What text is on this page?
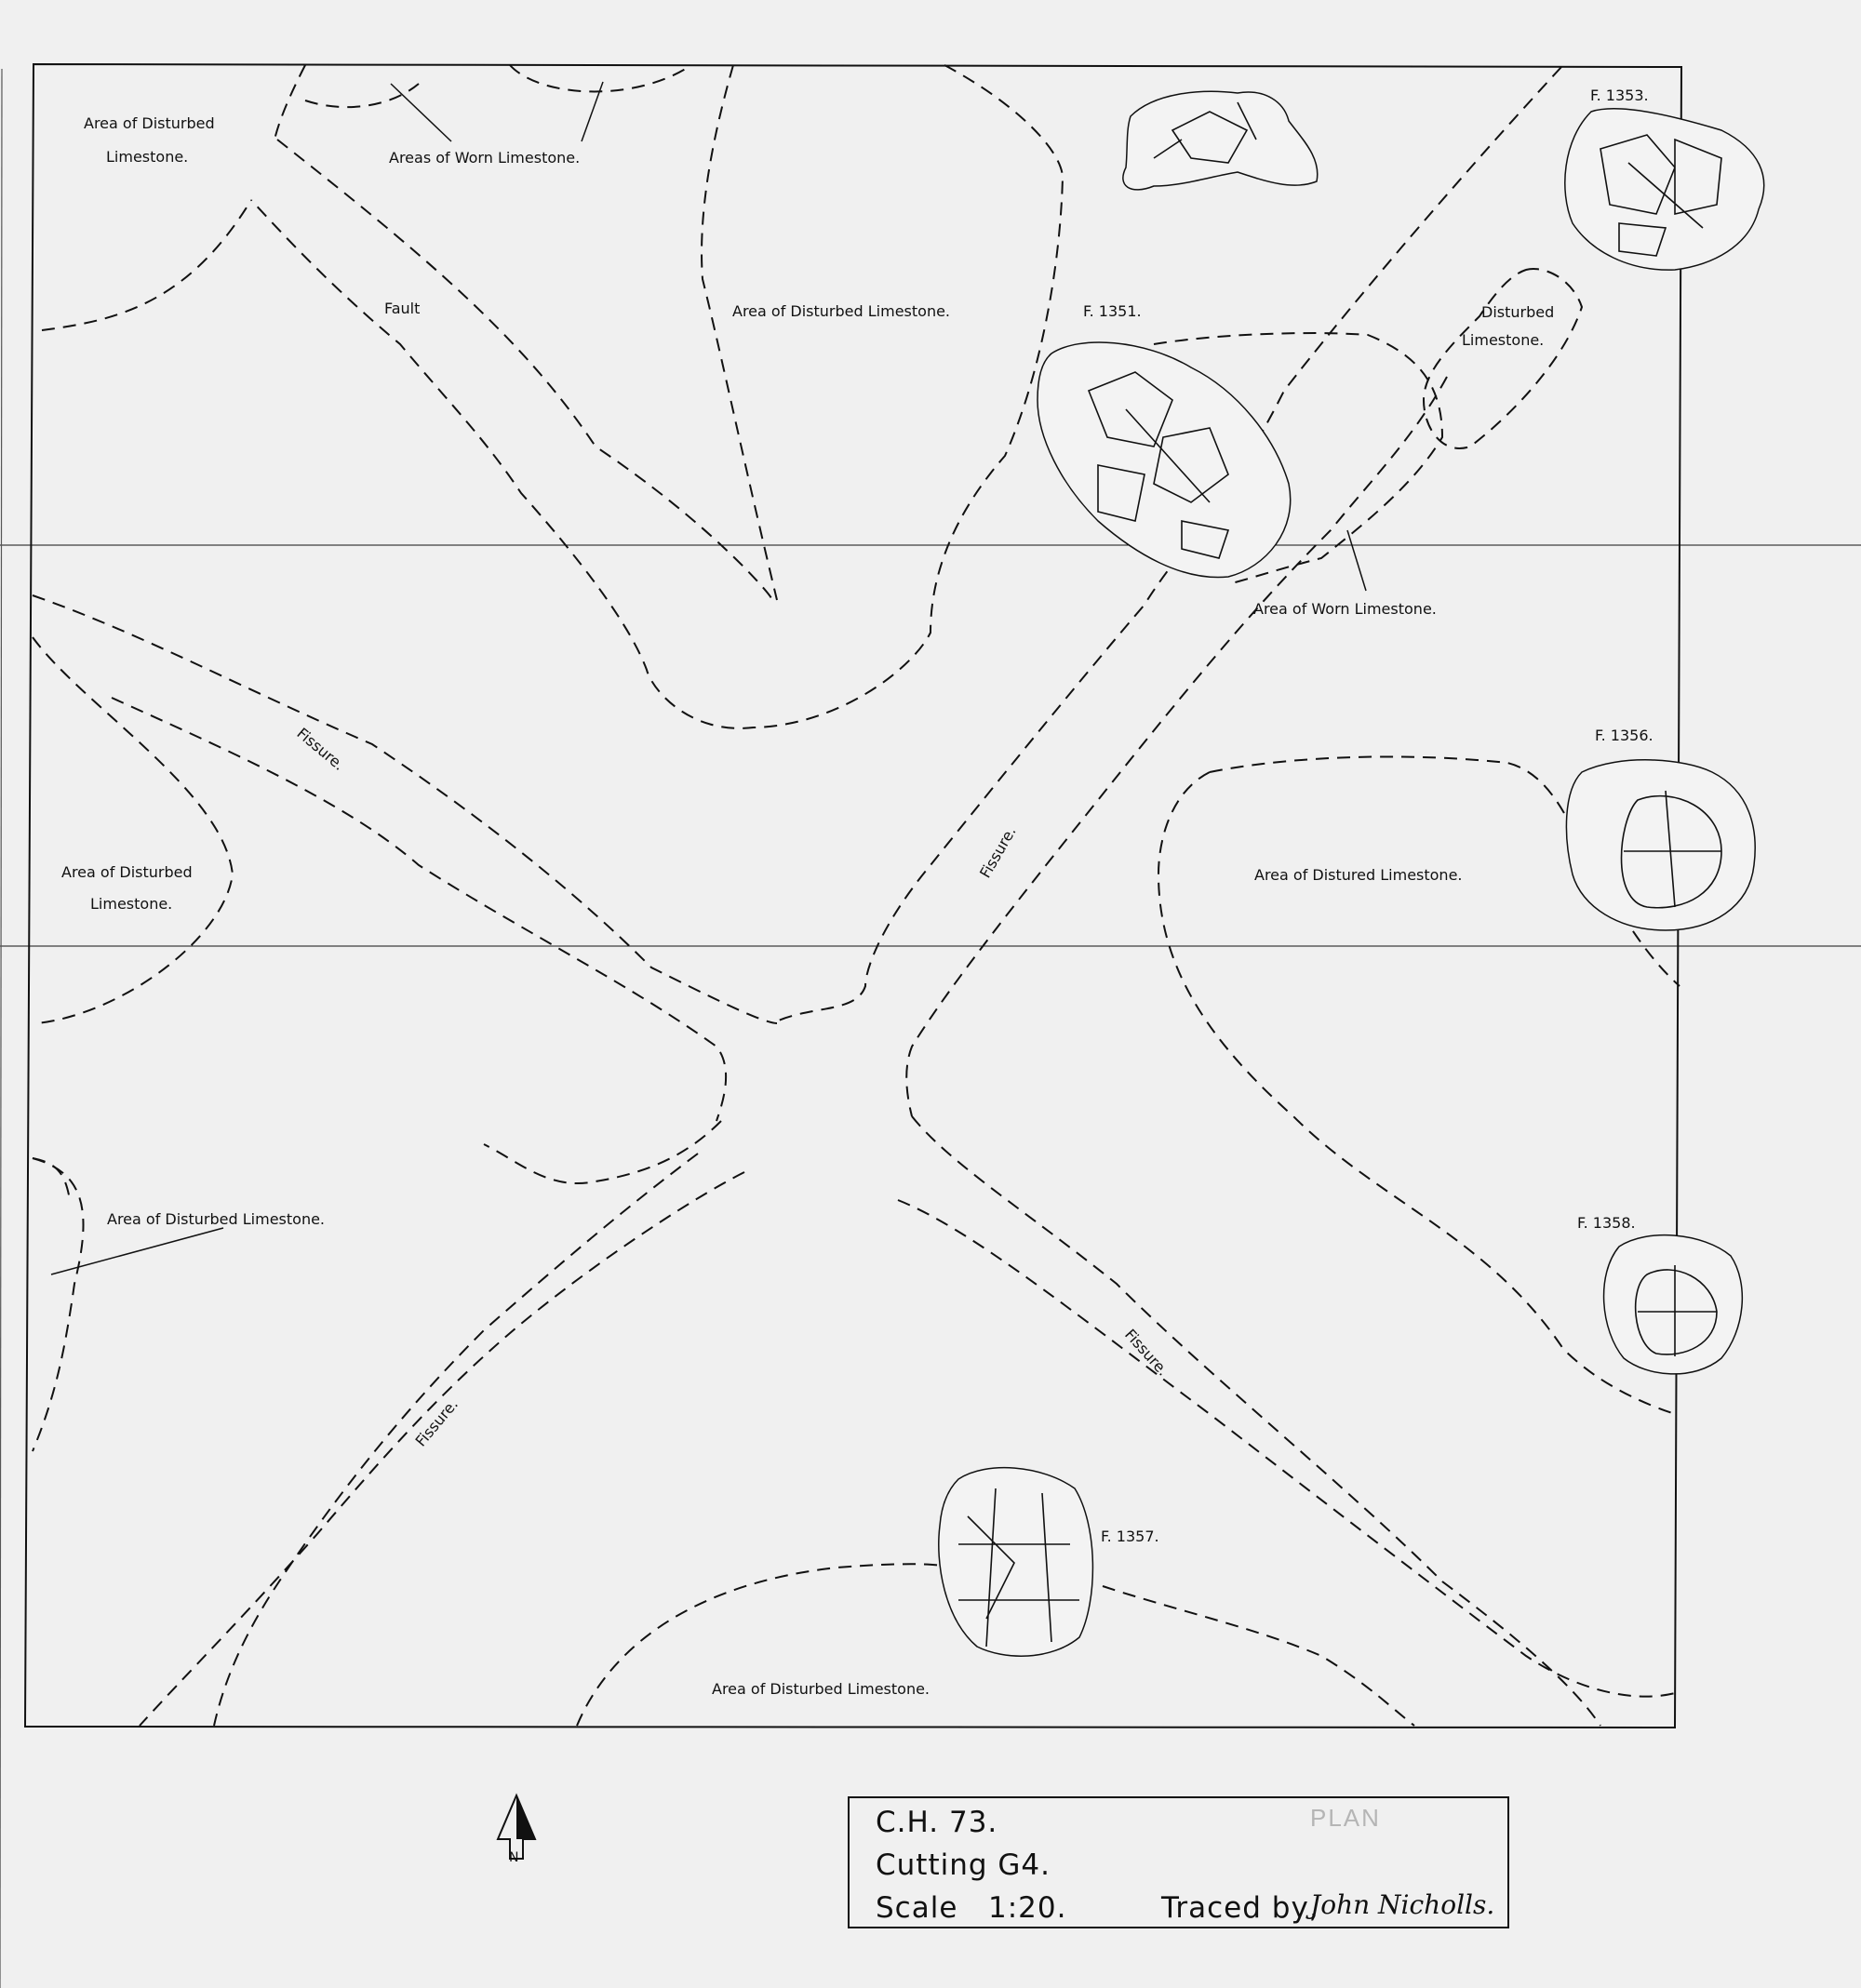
Area of Disturbed
Limestone.	Areas of Worn Limestone.
Fault	Area of Disturbed Limestone.	Disturbed
Limestone.
Area of Worn Limestone.
Fissure.
Fissure.
Area of Disturbed
Limestone.
Area of Distured Limestone.
Area of Disturbed Limestone.
Fissure.
Fissure.
Area of Disturbed Limestone.
F. 1351.
F. 1353.
F. 1356.
F. 1358.
F. 1357.
N
C.H. 73.
Cutting G4.
Scale   1:20.	Traced by,
John Nicholls.
PLAN
